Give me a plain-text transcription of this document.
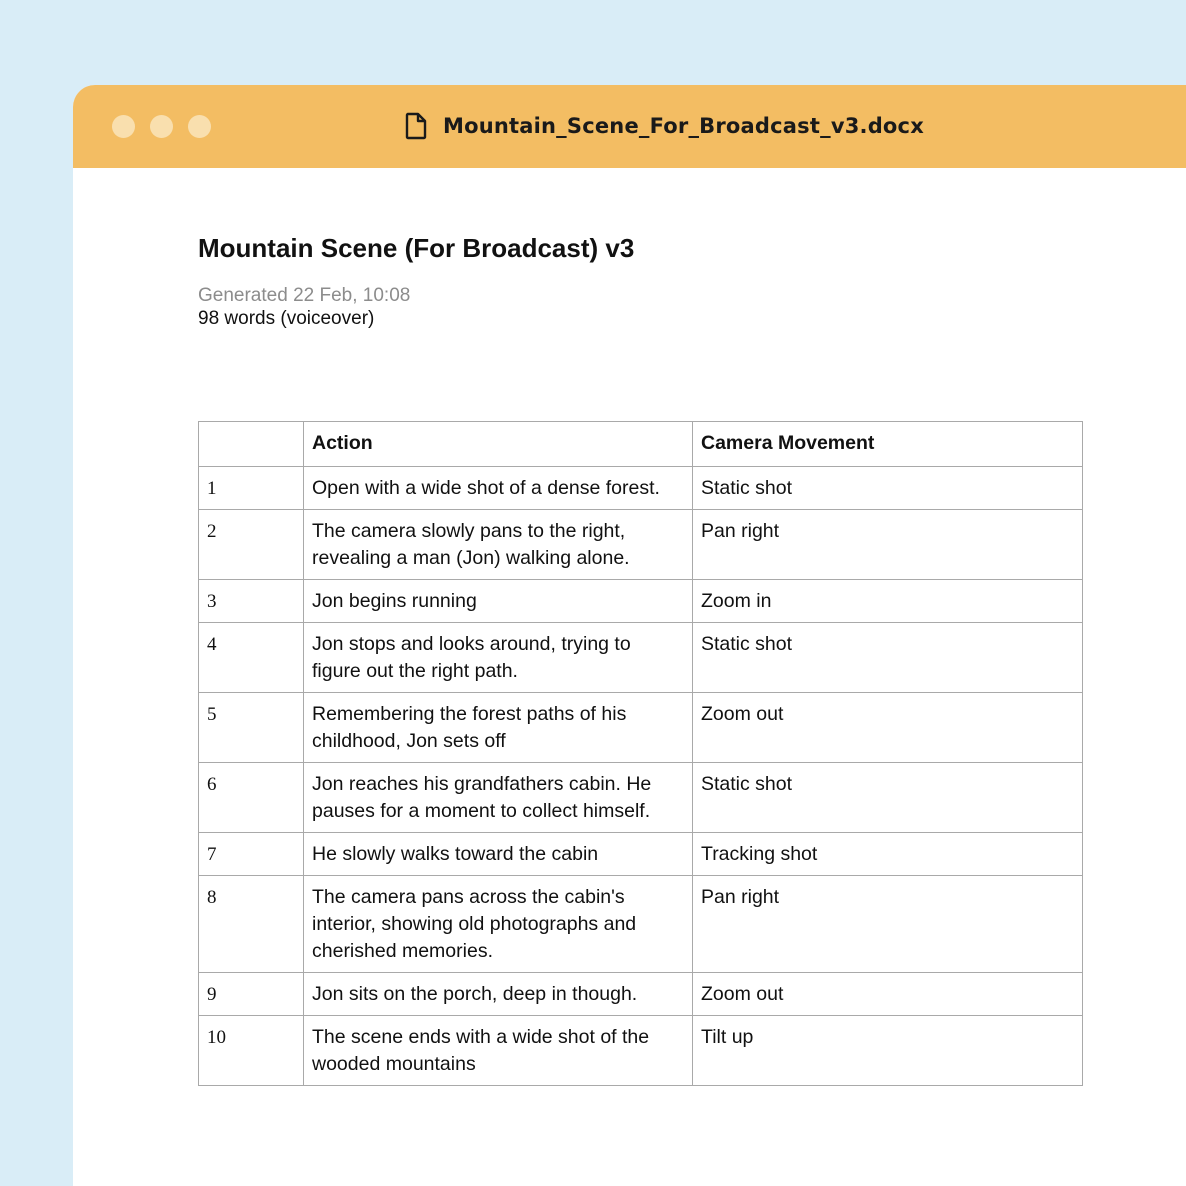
Mountain_Scene_For_Broadcast_v3.docx
Mountain Scene (For Broadcast) v3
Generated 22 Feb, 10:08
98 words (voiceover)
	Action	Camera Movement
1	Open with a wide shot of a dense forest.	Static shot
2	The camera slowly pans to the right, revealing a man (Jon) walking alone.	Pan right
3	Jon begins running	Zoom in
4	Jon stops and looks around, trying to figure out the right path.	Static shot
5	Remembering the forest paths of his childhood, Jon sets off	Zoom out
6	Jon reaches his grandfathers cabin. He pauses for a moment to collect himself.	Static shot
7	He slowly walks toward the cabin	Tracking shot
8	The camera pans across the cabin's interior, showing old photographs and cherished memories.	Pan right
9	Jon sits on the porch, deep in though.	Zoom out
10	The scene ends with a wide shot of the wooded mountains	Tilt up
